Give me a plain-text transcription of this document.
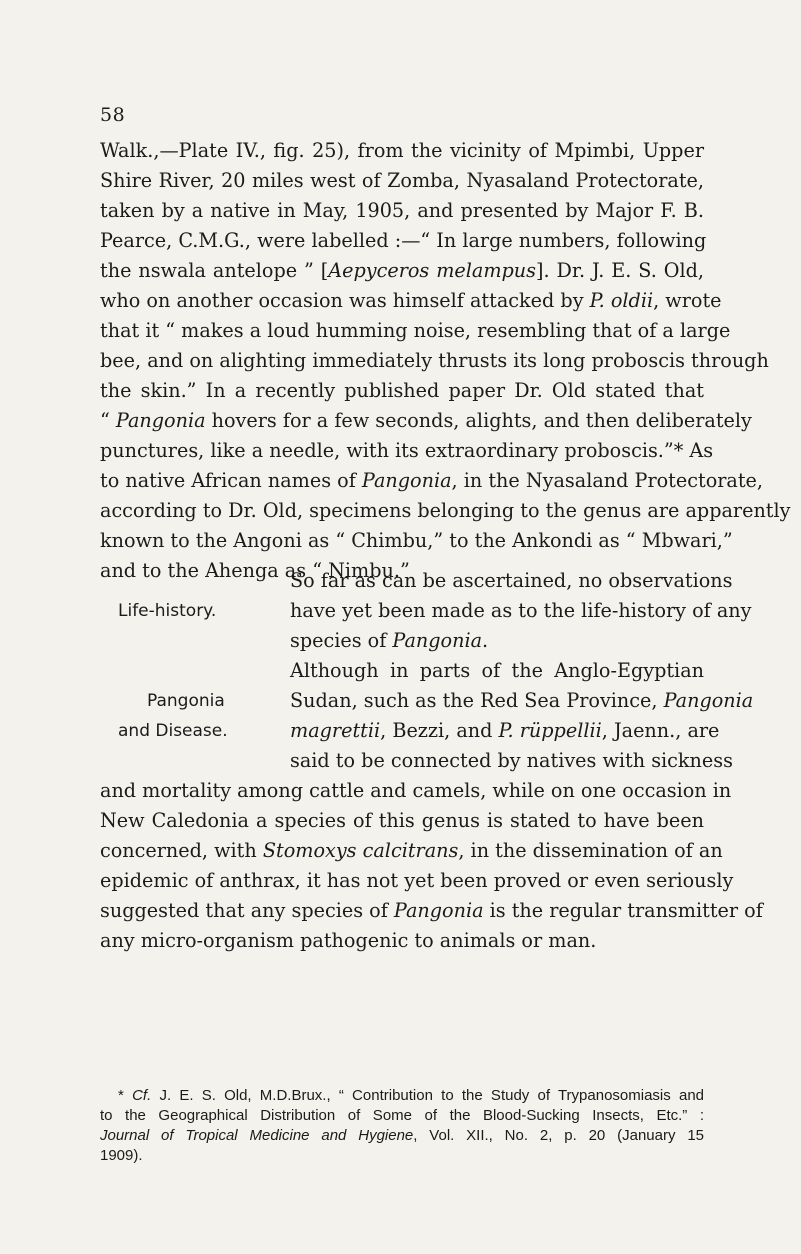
58
Walk.,—Plate IV., fig. 25), from the vicinity of Mpimbi, Upper
Shire River, 20 miles west of Zomba, Nyasaland Protectorate,
taken by a native in May, 1905, and presented by Major F. B.
Pearce, C.M.G., were labelled :—“ In large numbers, following
the nswala antelope ” [Aepyceros melampus]. Dr. J. E. S. Old,
who on another occasion was himself attacked by P. oldii, wrote
that it “ makes a loud humming noise, resembling that of a large
bee, and on alighting immediately thrusts its long proboscis through
the skin.” In a recently published paper Dr. Old stated that
“ Pangonia hovers for a few seconds, alights, and then deliberately
punctures, like a needle, with its extraordinary proboscis.”* As
to native African names of Pangonia, in the Nyasaland Protectorate,
according to Dr. Old, specimens belonging to the genus are apparently
known to the Angoni as “ Chimbu,” to the Ankondi as “ Mbwari,”
and to the Ahenga as “ Nimbu.”
Life-history.
So far as can be ascertained, no observations
have yet been made as to the life-history of any
species of Pangonia.
Pangonia
and Disease.
Although in parts of the Anglo-Egyptian
Sudan, such as the Red Sea Province, Pangonia
magrettii, Bezzi, and P. rüppellii, Jaenn., are
said to be connected by natives with sickness
and mortality among cattle and camels, while on one occasion in
New Caledonia a species of this genus is stated to have been
concerned, with Stomoxys calcitrans, in the dissemination of an
epidemic of anthrax, it has not yet been proved or even seriously
suggested that any species of Pangonia is the regular transmitter of
any micro-organism pathogenic to animals or man.
* Cf. J. E. S. Old, M.D.Brux., “ Contribution to the Study of Trypanosomiasis and
to the Geographical Distribution of Some of the Blood-Sucking Insects, Etc.” :
Journal of Tropical Medicine and Hygiene, Vol. XII., No. 2, p. 20 (January 15
1909).
